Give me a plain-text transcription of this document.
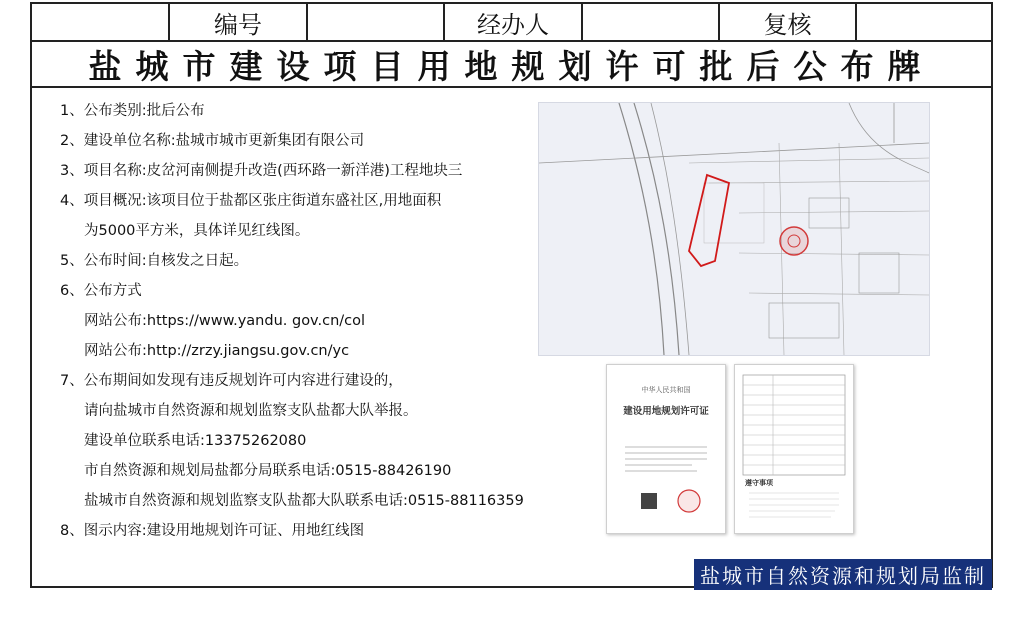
编号	经办人	复核
盐城市建设项目用地规划许可批后公布牌
1、公布类别:批后公布
2、建设单位名称:盐城市城市更新集团有限公司
3、项目名称:皮岔河南侧提升改造(西环路一新洋港)工程地块三
4、项目概况:该项目位于盐都区张庄街道东盛社区,用地面积
为5000平方米，具体详见红线图。
5、公布时间:自核发之日起。
6、公布方式
网站公布:https://www.yandu. gov.cn/col
网站公布:http://zrzy.jiangsu.gov.cn/yc
7、公布期间如发现有违反规划许可内容进行建设的，
请向盐城市自然资源和规划监察支队盐都大队举报。
建设单位联系电话:13375262080
市自然资源和规划局盐都分局联系电话:0515-88426190
盐城市自然资源和规划监察支队盐都大队联系电话:0515-88116359
8、图示内容:建设用地规划许可证、用地红线图
中华人民共和国
建设用地规划许可证
遵守事项
盐城市自然资源和规划局监制
